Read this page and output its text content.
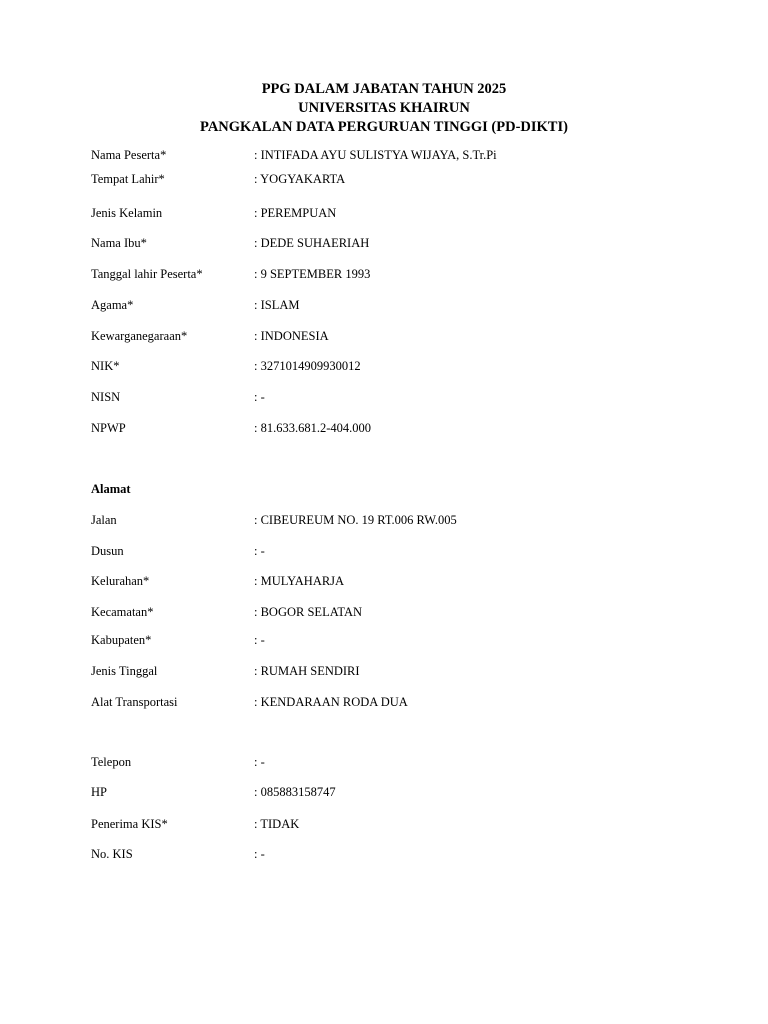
PPG DALAM JABATAN TAHUN 2025
UNIVERSITAS KHAIRUN
PANGKALAN DATA PERGURUAN TINGGI (PD-DIKTI)
Nama Peserta*	: INTIFADA AYU SULISTYA WIJAYA, S.Tr.Pi
Tempat Lahir*	: YOGYAKARTA
Jenis Kelamin	: PEREMPUAN
Nama Ibu*	: DEDE SUHAERIAH
Tanggal lahir Peserta*	: 9 SEPTEMBER 1993
Agama*	: ISLAM
Kewarganegaraan*	: INDONESIA
NIK*	: 3271014909930012
NISN	: -
NPWP	: 81.633.681.2-404.000
Alamat
Jalan	: CIBEUREUM NO. 19 RT.006 RW.005
Dusun	: -
Kelurahan*	: MULYAHARJA
Kecamatan*	: BOGOR SELATAN
Kabupaten*	: -
Jenis Tinggal	: RUMAH SENDIRI
Alat Transportasi	: KENDARAAN RODA DUA
Telepon	: -
HP	: 085883158747
Penerima KIS*	: TIDAK
No. KIS	: -
